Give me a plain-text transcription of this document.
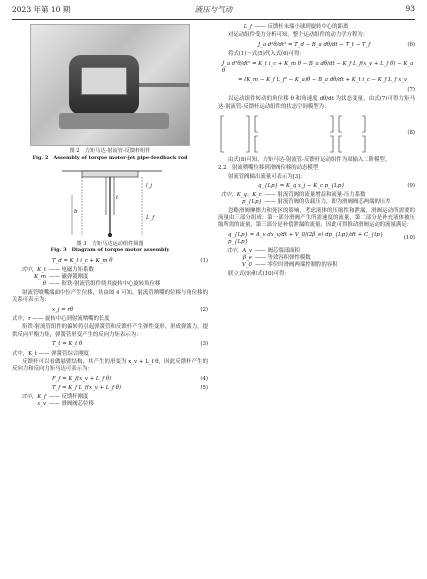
2023 年第 10 期	液压与气动	93
图 2　力矩马达-射流管-反馈杆组件
Fig. 2　Assembly of torque motor-jet pipe-feedback rod
l_j
L_f
b
t
图 3　力矩马达运动组件简图
Fig. 3　Diagram of torque motor assembly
T_d = K_t i_c + K_m θ	(1)
式中，K_t —— 电磁力矩系数
K_m —— 磁弹簧刚度
θ —— 衔铁-射流管组件绕其旋转中心旋转角位移

射流管喷嘴端面中位产生位移，其由图 4 可知，射流管喷嘴的位移与角位移的关系可表示为：

x_j = rθ	(2)

式中，r —— 旋转中心到射流喷嘴的长度

衔铁-射流管组件的偏转将引起弹簧管和反馈杆产生弹性变形，形成弹簧力，提供反向平衡力矩，弹簧管形变产生的反向力矩表示为：

T_t = K_t θ	(3)

式中，K_t —— 弹簧管综合刚度

反馈杆可以看做悬臂结构，其产生的形变为 x_v + L_f θ，因此反馈杆产生的反向力和反向力矩马达可表示为：

F_f = K_f(x_v + L_f θ)	(4)
T_f = K_f L_f(x_v + L_f θ)	(5)
式中，K_f —— 反馈杆刚度
x_v —— 滑阀阀芯位移
L_f —— 反馈杆末端小球到旋转中心的距离

对运动组件受力分析可知，整个运动组件的动力学方程为：

J_a d²θ/dt² = T_d − B_a dθ/dt − T_t − T_f	(6)

将式(1)～式(5)代入式(6)可得：

J_a d²θ/dt² = K_t i_c + K_m θ − B_a dθ/dt − K_f L_f(x_v + L_f θ) − K_a θ
= (K_m − K_f L_f² − K_a)θ − B_a dθ/dt + K_t i_c − K_f L_f x_v
(7)

以运动组件转动的角位移 θ 和角速度 dθ/dt 为状态变量，由式(7)可得力矩马达-射流管-反馈杆运动组件的状态空间模型为：

(8)

由式(8)可知，力矩马达-射流管-反馈杆运动组件为双输入二阶模型。

2.2　射流喷嘴位移到滑阀位移的动态模型

射流管阀输出流量可表示为[3]：

q_{Lp} = K_q x_j − K_c p_{Lp}	(9)
式中，K_q、K_c —— 射流管阀的流量增益和流量-压力系数
p_{Lp} —— 射流管阀的负载压力，即为滑阀阀芯两端的压差

忽略滑阀摩擦力和死区的影响，考虑液体的压缩性和泄漏，滑阀运动所需要的流量由三部分组成：第一部分滑阀产生所需速度的流量，第二部分是补充液体被压缩所需的流量，第三部分是补偿泄漏的流量，因此可得推动滑阀运动的流量满足：

q_{Lp} = A_v dx_v/dt + V_0/(2β_e) dp_{Lp}/dt + C_{tp} p_{Lp}
(10)
式中，A_v —— 阀芯端部面积
β_e —— 等效容积弹性模数
V_0 —— 零位时滑阀两端控制腔的容积

联立式(9)和式(10)可得：
